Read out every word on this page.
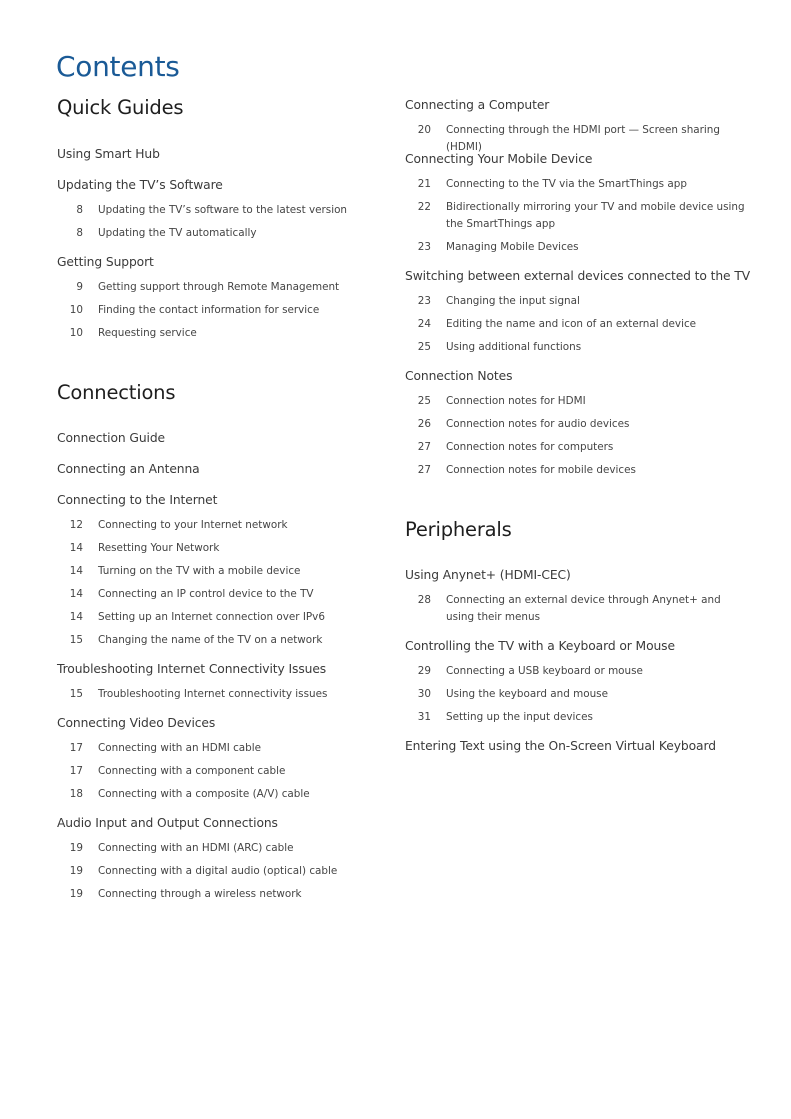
Contents
Quick Guides
Using Smart Hub
Updating the TV’s Software
8	Updating the TV’s software to the latest version
8	Updating the TV automatically
Getting Support
9	Getting support through Remote Management
10	Finding the contact information for service
10	Requesting service
Connections
Connection Guide
Connecting an Antenna
Connecting to the Internet
12	Connecting to your Internet network
14	Resetting Your Network
14	Turning on the TV with a mobile device
14	Connecting an IP control device to the TV
14	Setting up an Internet connection over IPv6
15	Changing the name of the TV on a network
Troubleshooting Internet Connectivity Issues
15	Troubleshooting Internet connectivity issues
Connecting Video Devices
17	Connecting with an HDMI cable
17	Connecting with a component cable
18	Connecting with a composite (A/V) cable
Audio Input and Output Connections
19	Connecting with an HDMI (ARC) cable
19	Connecting with a digital audio (optical) cable
19	Connecting through a wireless network
Connecting a Computer
20	Connecting through the HDMI port — Screen sharing (HDMI)
Connecting Your Mobile Device
21	Connecting to the TV via the SmartThings app
22	Bidirectionally mirroring your TV and mobile device using the SmartThings app
23	Managing Mobile Devices
Switching between external devices connected to the TV
23	Changing the input signal
24	Editing the name and icon of an external device
25	Using additional functions
Connection Notes
25	Connection notes for HDMI
26	Connection notes for audio devices
27	Connection notes for computers
27	Connection notes for mobile devices
Peripherals
Using Anynet+ (HDMI-CEC)
28	Connecting an external device through Anynet+ and using their menus
Controlling the TV with a Keyboard or Mouse
29	Connecting a USB keyboard or mouse
30	Using the keyboard and mouse
31	Setting up the input devices
Entering Text using the On-Screen Virtual Keyboard
